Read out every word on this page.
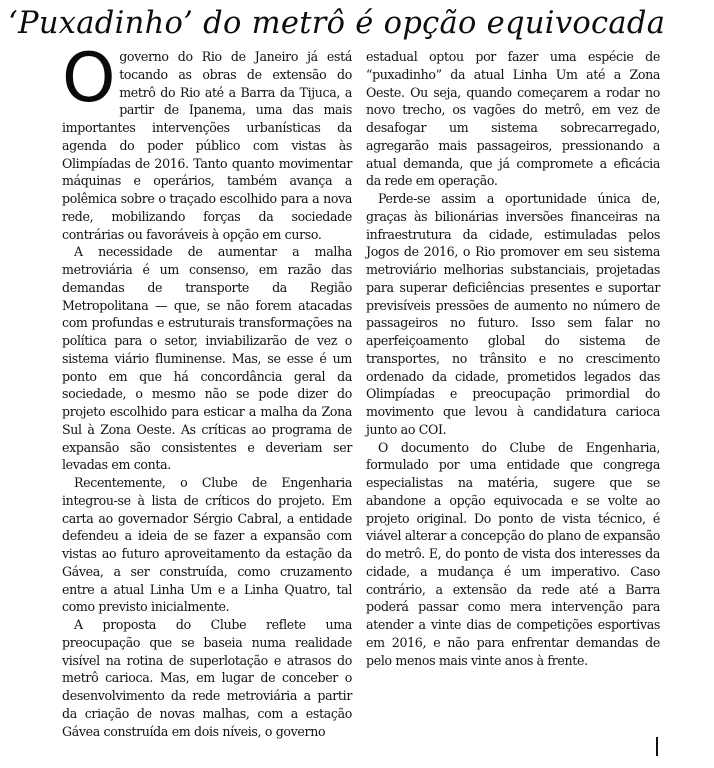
‘Puxadinho’ do metrô é opção equivocada

Ogoverno do Rio de Janeiro já está tocando as obras de extensão do metrô do Rio até a Barra da Tijuca, a partir de Ipanema, uma das mais importantes intervenções urbanísticas da agenda do poder público com vistas às Olimpíadas de 2016. Tanto quanto movimentar máquinas e operários, também avança a polêmica sobre o traçado escolhido para a nova rede, mobilizando forças da sociedade contrárias ou favoráveis à opção em curso.

A necessidade de aumentar a malha metroviária é um consenso, em razão das demandas de transporte da Região Metropolitana — que, se não forem atacadas com profundas e estruturais transformações na política para o setor, inviabilizarão de vez o sistema viário fluminense. Mas, se esse é um ponto em que há concordância geral da sociedade, o mesmo não se pode dizer do projeto escolhido para esticar a malha da Zona Sul à Zona Oeste. As críticas ao programa de expansão são consistentes e deveriam ser levadas em conta.

Recentemente, o Clube de Engenharia integrou-se à lista de críticos do projeto. Em carta ao governador Sérgio Cabral, a entidade defendeu a ideia de se fazer a expansão com vistas ao futuro aproveitamento da estação da Gávea, a ser construída, como cruzamento entre a atual Linha Um e a Linha Quatro, tal como previsto inicialmente.

A proposta do Clube reflete uma preocupação que se baseia numa realidade visível na rotina de superlotação e atrasos do metrô carioca. Mas, em lugar de conceber o desenvolvimento da rede metroviária a partir da criação de novas malhas, com a estação Gávea construída em dois níveis, o governo

estadual optou por fazer uma espécie de “puxadinho” da atual Linha Um até a Zona Oeste. Ou seja, quando começarem a rodar no novo trecho, os vagões do metrô, em vez de desafogar um sistema sobrecarregado, agregarão mais passageiros, pressionando a atual demanda, que já compromete a eficácia da rede em operação.

Perde-se assim a oportunidade única de, graças às bilionárias inversões financeiras na infraestrutura da cidade, estimuladas pelos Jogos de 2016, o Rio promover em seu sistema metroviário melhorias substanciais, projetadas para superar deficiências presentes e suportar previsíveis pressões de aumento no número de passageiros no futuro. Isso sem falar no aperfeiçoamento global do sistema de transportes, no trânsito e no crescimento ordenado da cidade, prometidos legados das Olimpíadas e preocupação primordial do movimento que levou à candidatura carioca junto ao COI.

O documento do Clube de Engenharia, formulado por uma entidade que congrega especialistas na matéria, sugere que se abandone a opção equivocada e se volte ao projeto original. Do ponto de vista técnico, é viável alterar a concepção do plano de expansão do metrô. E, do ponto de vista dos interesses da cidade, a mudança é um imperativo. Caso contrário, a extensão da rede até a Barra poderá passar como mera intervenção para atender a vinte dias de competições esportivas em 2016, e não para enfrentar demandas de pelo menos mais vinte anos à frente.
